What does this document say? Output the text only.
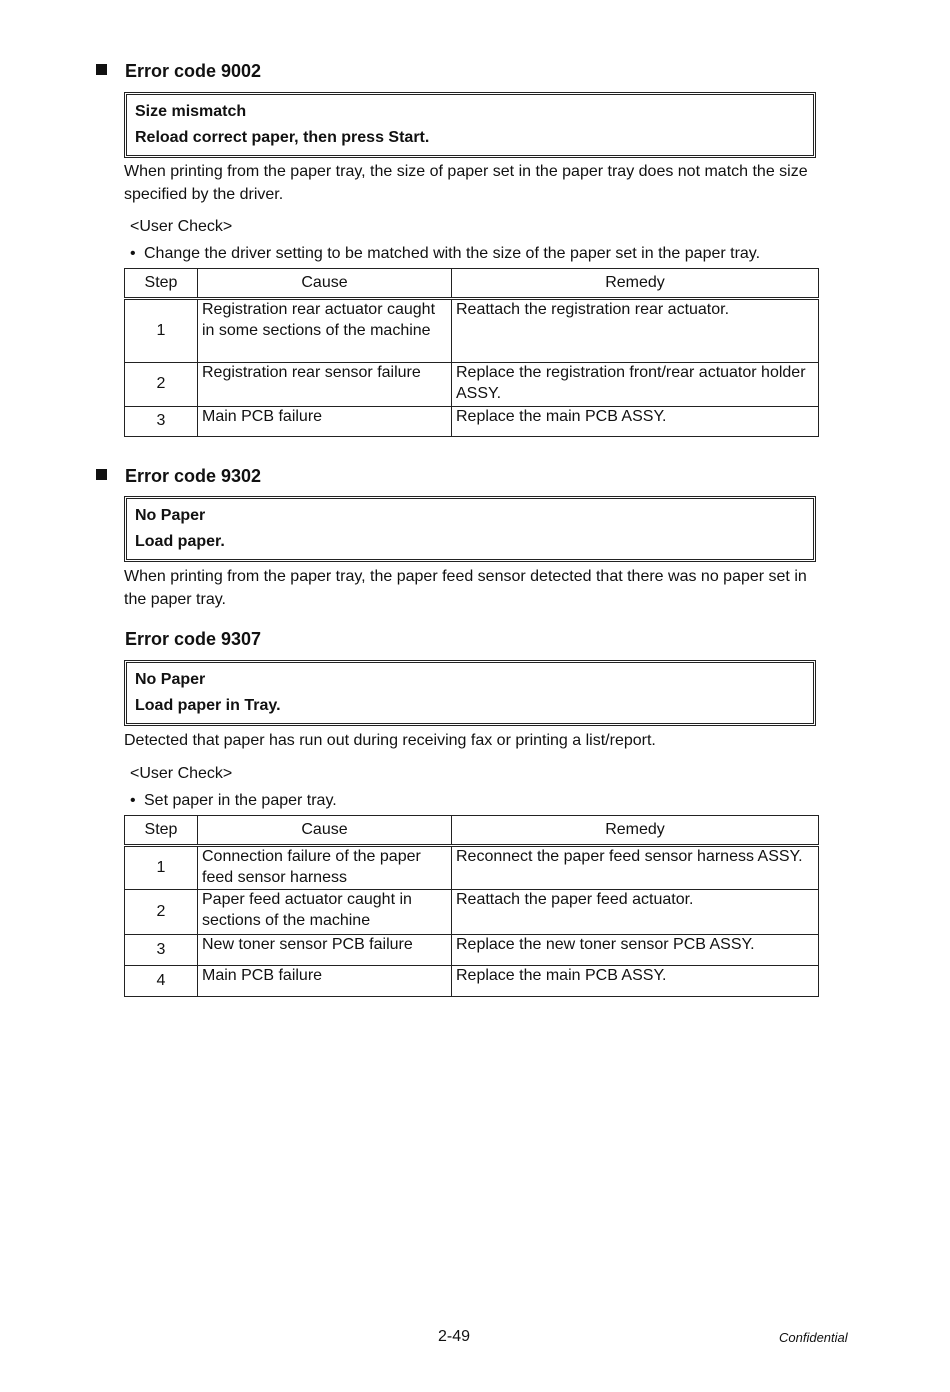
Error code 9002
Size mismatch
Reload correct paper, then press Start.
When printing from the paper tray, the size of paper set in the paper tray does not match the size specified by the driver.
<User Check>
• Change the driver setting to be matched with the size of the paper set in the paper tray.
Step	Cause	Remedy
1	Registration rear actuator caught in some sections of the machine	Reattach the registration rear actuator.
2	Registration rear sensor failure	Replace the registration front/rear actuator holder ASSY.
3	Main PCB failure	Replace the main PCB ASSY.
Error code 9302
No Paper
Load paper.
When printing from the paper tray, the paper feed sensor detected that there was no paper set in the paper tray.
Error code 9307
No Paper
Load paper in Tray.
Detected that paper has run out during receiving fax or printing a list/report.
<User Check>
• Set paper in the paper tray.
Step	Cause	Remedy
1	Connection failure of the paper feed sensor harness	Reconnect the paper feed sensor harness ASSY.
2	Paper feed actuator caught in sections of the machine	Reattach the paper feed actuator.
3	New toner sensor PCB failure	Replace the new toner sensor PCB ASSY.
4	Main PCB failure	Replace the main PCB ASSY.
2-49	Confidential
